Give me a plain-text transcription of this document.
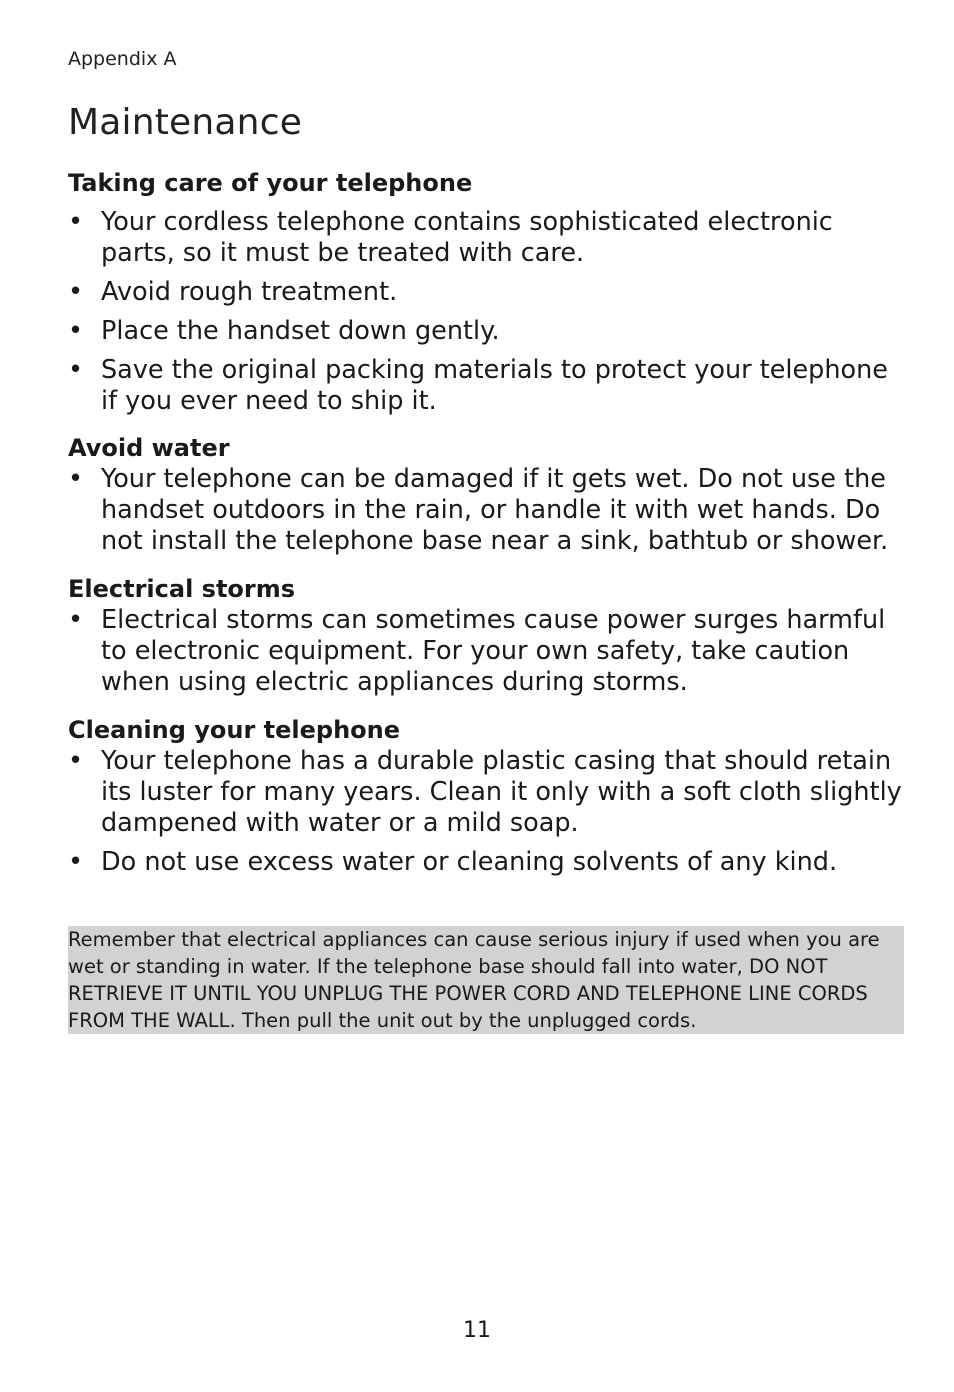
Appendix A
Maintenance
Taking care of your telephone
• Your cordless telephone contains sophisticated electronic parts, so it must be treated with care.
• Avoid rough treatment.
• Place the handset down gently.
• Save the original packing materials to protect your telephone if you ever need to ship it.
Avoid water
• Your telephone can be damaged if it gets wet. Do not use the handset outdoors in the rain, or handle it with wet hands. Do not install the telephone base near a sink, bathtub or shower.
Electrical storms
• Electrical storms can sometimes cause power surges harmful to electronic equipment. For your own safety, take caution when using electric appliances during storms.
Cleaning your telephone
• Your telephone has a durable plastic casing that should retain its luster for many years. Clean it only with a soft cloth slightly dampened with water or a mild soap.
• Do not use excess water or cleaning solvents of any kind.

Remember that electrical appliances can cause serious injury if used when you are wet or standing in water. If the telephone base should fall into water, DO NOT RETRIEVE IT UNTIL YOU UNPLUG THE POWER CORD AND TELEPHONE LINE CORDS FROM THE WALL. Then pull the unit out by the unplugged cords.

11
